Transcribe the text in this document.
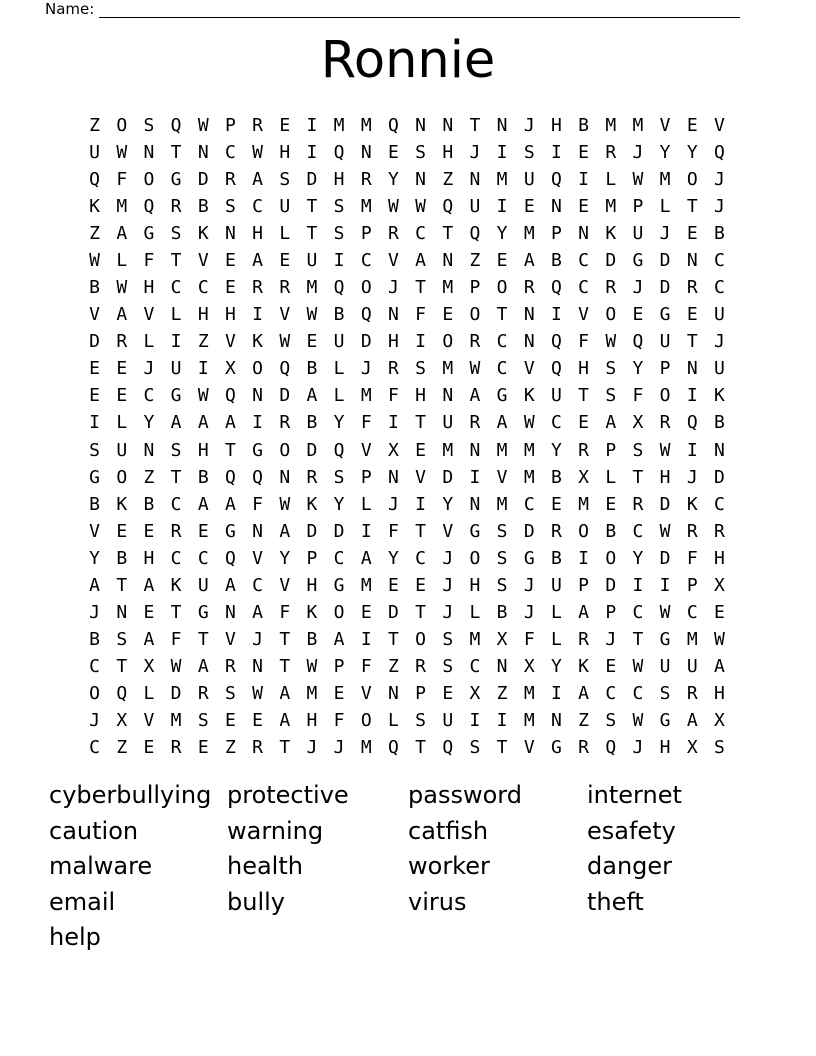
Name:
Ronnie
Z O S Q W P R E I M M Q N N T N J H B M M V E V
U W N T N C W H I Q N E S H J I S I E R J Y Y Q
Q F O G D R A S D H R Y N Z N M U Q I L W M O J
K M Q R B S C U T S M W W Q U I E N E M P L T J
Z A G S K N H L T S P R C T Q Y M P N K U J E B
W L F T V E A E U I C V A N Z E A B C D G D N C
B W H C C E R R M Q O J T M P O R Q C R J D R C
V A V L H H I V W B Q N F E O T N I V O E G E U
D R L I Z V K W E U D H I O R C N Q F W Q U T J
E E J U I X O Q B L J R S M W C V Q H S Y P N U
E E C G W Q N D A L M F H N A G K U T S F O I K
I L Y A A A I R B Y F I T U R A W C E A X R Q B
S U N S H T G O D Q V X E M N M M Y R P S W I N
G O Z T B Q Q N R S P N V D I V M B X L T H J D
B K B C A A F W K Y L J I Y N M C E M E R D K C
V E E R E G N A D D I F T V G S D R O B C W R R
Y B H C C Q V Y P C A Y C J O S G B I O Y D F H
A T A K U A C V H G M E E J H S J U P D I I P X
J N E T G N A F K O E D T J L B J L A P C W C E
B S A F T V J T B A I T O S M X F L R J T G M W
C T X W A R N T W P F Z R S C N X Y K E W U U A
O Q L D R S W A M E V N P E X Z M I A C C S R H
J X V M S E E A H F O L S U I I M N Z S W G A X
C Z E R E Z R T J J M Q T Q S T V G R Q J H X S
cyberbullying protective	password	internet
caution	warning	catfish	esafety
malware	health	worker	danger
email	bully	virus	theft
help
